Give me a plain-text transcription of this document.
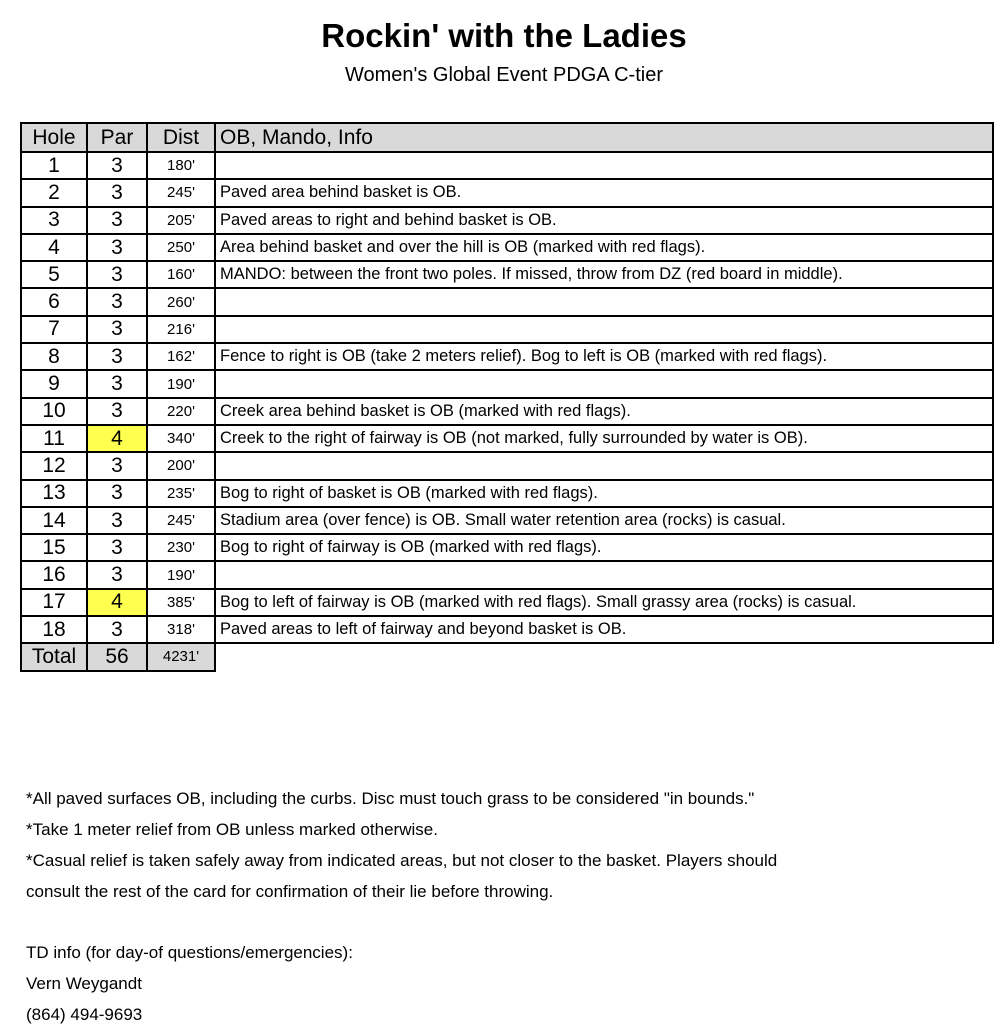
Rockin' with the Ladies
Women's Global Event PDGA C-tier
Hole	Par	Dist	OB, Mando, Info
1	3	180'	
2	3	245'	Paved area behind basket is OB.
3	3	205'	Paved areas to right and behind basket is OB.
4	3	250'	Area behind basket and over the hill is OB (marked with red flags).
5	3	160'	MANDO: between the front two poles. If missed, throw from DZ (red board in middle).
6	3	260'	
7	3	216'	
8	3	162'	Fence to right is OB (take 2 meters relief). Bog to left is OB (marked with red flags).
9	3	190'	
10	3	220'	Creek area behind basket is OB (marked with red flags).
11	4	340'	Creek to the right of fairway is OB (not marked, fully surrounded by water is OB).
12	3	200'	
13	3	235'	Bog to right of basket is OB (marked with red flags).
14	3	245'	Stadium area (over fence) is OB. Small water retention area (rocks) is casual.
15	3	230'	Bog to right of fairway is OB (marked with red flags).
16	3	190'	
17	4	385'	Bog to left of fairway is OB (marked with red flags). Small grassy area (rocks) is casual.
18	3	318'	Paved areas to left of fairway and beyond basket is OB.
Total	56	4231'	

*All paved surfaces OB, including the curbs. Disc must touch grass to be considered "in bounds."

*Take 1 meter relief from OB unless marked otherwise.

*Casual relief is taken safely away from indicated areas, but not closer to the basket. Players should

consult the rest of the card for confirmation of their lie before throwing.

TD info (for day-of questions/emergencies):

Vern Weygandt

(864) 494-9693
